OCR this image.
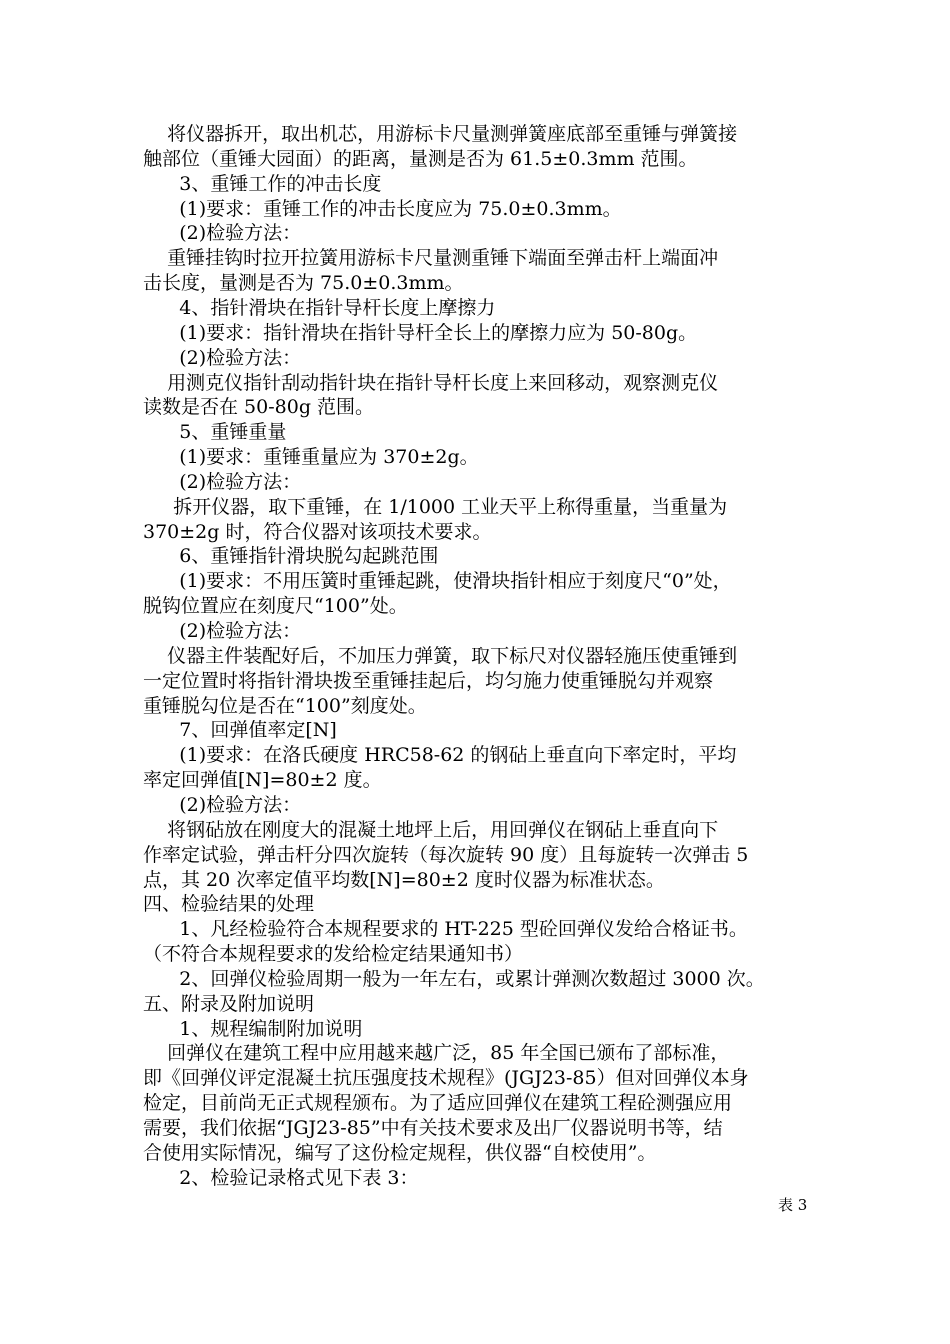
将仪器拆开，取出机芯，用游标卡尺量测弹簧座底部至重锤与弹簧接
触部位（重锤大园面）的距离，量测是否为 61.5±0.3mm 范围。
3、重锤工作的冲击长度
(1)要求：重锤工作的冲击长度应为 75.0±0.3mm。
(2)检验方法：
重锤挂钩时拉开拉簧用游标卡尺量测重锤下端面至弹击杆上端面冲
击长度，量测是否为 75.0±0.3mm。
4、指针滑块在指针导杆长度上摩擦力
(1)要求：指针滑块在指针导杆全长上的摩擦力应为 50-80g。
(2)检验方法：
用测克仪指针刮动指针块在指针导杆长度上来回移动，观察测克仪
读数是否在 50-80g 范围。
5、重锤重量
(1)要求：重锤重量应为 370±2g。
(2)检验方法：
拆开仪器，取下重锤，在 1/1000 工业天平上称得重量，当重量为
370±2g 时，符合仪器对该项技术要求。
6、重锤指针滑块脱勾起跳范围
(1)要求：不用压簧时重锤起跳，使滑块指针相应于刻度尺“0”处，
脱钩位置应在刻度尺“100”处。
(2)检验方法：
仪器主件装配好后，不加压力弹簧，取下标尺对仪器轻施压使重锤到
一定位置时将指针滑块拨至重锤挂起后，均匀施力使重锤脱勾并观察
重锤脱勾位是否在“100”刻度处。
7、回弹值率定[N]
(1)要求：在洛氏硬度 HRC58-62 的钢砧上垂直向下率定时，平均
率定回弹值[N]=80±2 度。
(2)检验方法：
将钢砧放在刚度大的混凝土地坪上后，用回弹仪在钢砧上垂直向下
作率定试验，弹击杆分四次旋转（每次旋转 90 度）且每旋转一次弹击 5
点，其 20 次率定值平均数[N]=80±2 度时仪器为标准状态。
四、检验结果的处理
1、凡经检验符合本规程要求的 HT-225 型砼回弹仪发给合格证书。
（不符合本规程要求的发给检定结果通知书）
2、回弹仪检验周期一般为一年左右，或累计弹测次数超过 3000 次。
五、附录及附加说明
1、规程编制附加说明
回弹仪在建筑工程中应用越来越广泛，85 年全国已颁布了部标准，
即《回弹仪评定混凝土抗压强度技术规程》(JGJ23-85）但对回弹仪本身
检定，目前尚无正式规程颁布。为了适应回弹仪在建筑工程砼测强应用
需要，我们依据“JGJ23-85”中有关技术要求及出厂仪器说明书等，结
合使用实际情况，编写了这份检定规程，供仪器“自校使用”。
2、检验记录格式见下表 3：
表 3
